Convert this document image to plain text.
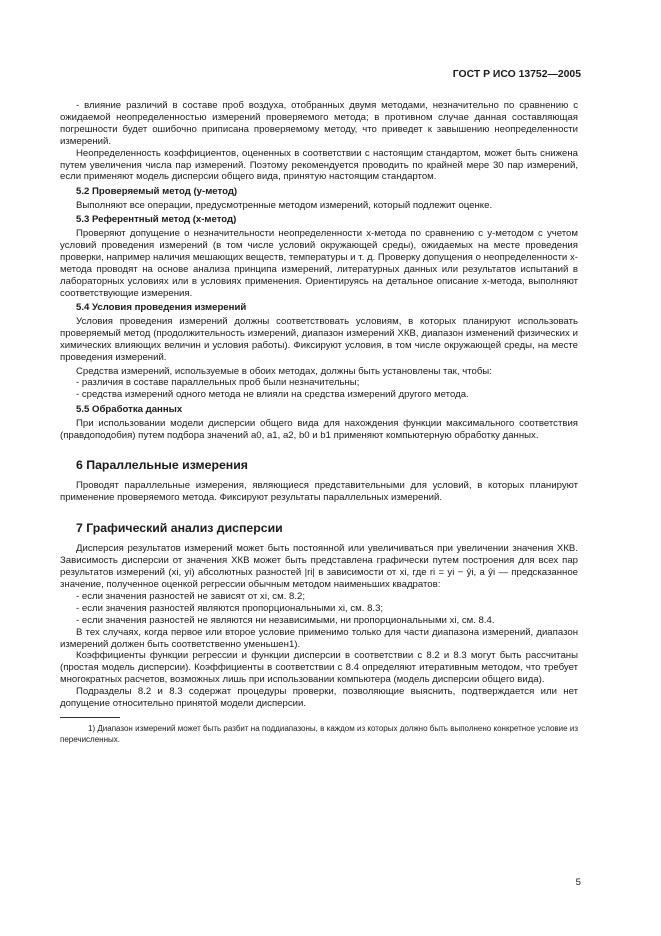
ГОСТ Р ИСО 13752—2005

- влияние различий в составе проб воздуха, отобранных двумя методами, незначительно по сравнению с ожидаемой неопределенностью измерений проверяемого метода; в противном случае данная составляющая погрешности будет ошибочно приписана проверяемому методу, что приведет к завышению неопределенности измерений.

Неопределенность коэффициентов, оцененных в соответствии с настоящим стандартом, может быть снижена путем увеличения числа пар измерений. Поэтому рекомендуется проводить по крайней мере 30 пар измерений, если применяют модель дисперсии общего вида, принятую настоящим стандартом.

5.2 Проверяемый метод (y-метод)

Выполняют все операции, предусмотренные методом измерений, который подлежит оценке.

5.3 Референтный метод (x-метод)

Проверяют допущение о незначительности неопределенности x-метода по сравнению с y-методом с учетом условий проведения измерений (в том числе условий окружающей среды), ожидаемых на месте проведения проверки, например наличия мешающих веществ, температуры и т. д. Проверку допущения о неопределенности x-метода проводят на основе анализа принципа измерений, литературных данных или результатов испытаний в лабораторных условиях или в условиях применения. Ориентируясь на детальное описание x-метода, выполняют соответствующие измерения.

5.4 Условия проведения измерений

Условия проведения измерений должны соответствовать условиям, в которых планируют использовать проверяемый метод (продолжительность измерений, диапазон измерений ХКВ, диапазон изменений физических и химических влияющих величин и условия работы). Фиксируют условия, в том числе окружающей среды, на месте проведения измерений.

Средства измерений, используемые в обоих методах, должны быть установлены так, чтобы:

- различия в составе параллельных проб были незначительны;

- средства измерений одного метода не влияли на средства измерений другого метода.

5.5 Обработка данных

При использовании модели дисперсии общего вида для нахождения функции максимального соответствия (правдоподобия) путем подбора значений a0, a1, a2, b0 и b1 применяют компьютерную обработку данных.

6 Параллельные измерения

Проводят параллельные измерения, являющиеся представительными для условий, в которых планируют применение проверяемого метода. Фиксируют результаты параллельных измерений.

7 Графический анализ дисперсии

Дисперсия результатов измерений может быть постоянной или увеличиваться при увеличении значения ХКВ. Зависимость дисперсии от значения ХКВ может быть представлена графически путем построения для всех пар результатов измерений (xi, yi) абсолютных разностей |ri| в зависимости от xi, где ri = yi − ŷi, а ŷi — предсказанное значение, полученное оценкой регрессии обычным методом наименьших квадратов:

- если значения разностей не зависят от xi, см. 8.2;

- если значения разностей являются пропорциональными xi, см. 8.3;

- если значения разностей не являются ни независимыми, ни пропорциональными xi, см. 8.4.

В тех случаях, когда первое или второе условие применимо только для части диапазона измерений, диапазон измерений должен быть соответственно уменьшен1).

Коэффициенты функции регрессии и функции дисперсии в соответствии с 8.2 и 8.3 могут быть рассчитаны (простая модель дисперсии). Коэффициенты в соответствии с 8.4 определяют итеративным методом, что требует многократных расчетов, возможных лишь при использовании компьютера (модель дисперсии общего вида).

Подразделы 8.2 и 8.3 содержат процедуры проверки, позволяющие выяснить, подтверждается или нет допущение относительно принятой модели дисперсии.

1) Диапазон измерений может быть разбит на поддиапазоны, в каждом из которых должно быть выполнено конкретное условие из перечисленных.

5
